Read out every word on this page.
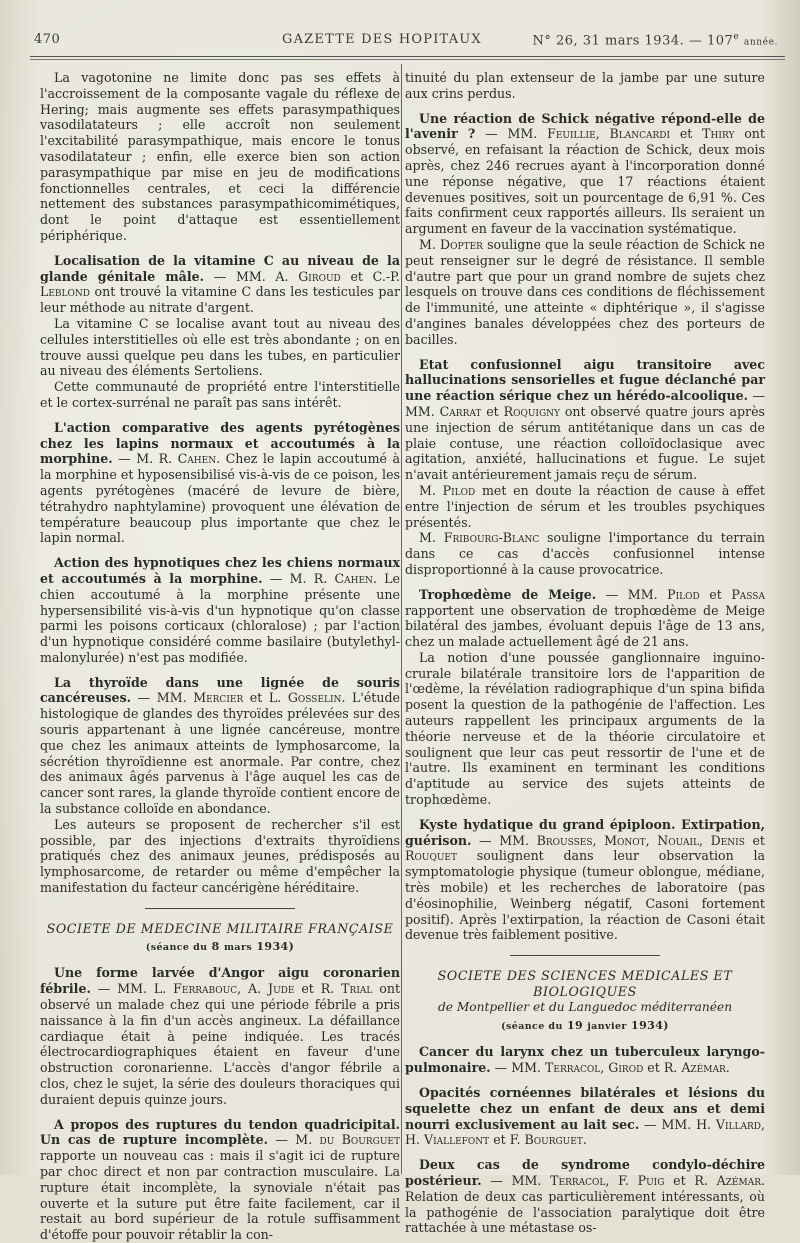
470	GAZETTE DES HOPITAUX	N° 26, 31 mars 1934. — 107e année.

La vagotonine ne limite donc pas ses effets à l'accroissement de la composante vagale du réflexe de Hering; mais augmente ses effets parasympathiques vasodilatateurs ; elle accroît non seulement l'excitabilité parasympathique, mais encore le tonus vasodilatateur ; enfin, elle exerce bien son action parasympathique par mise en jeu de modifications fonctionnelles centrales, et ceci la différencie nettement des substances parasympathicomimétiques, dont le point d'attaque est essentiellement périphérique.

Localisation de la vitamine C au niveau de la glande génitale mâle. — MM. A. Giroud et C.-P. Leblond ont trouvé la vitamine C dans les testicules par leur méthode au nitrate d'argent.

La vitamine C se localise avant tout au niveau des cellules interstitielles où elle est très abondante ; on en trouve aussi quelque peu dans les tubes, en particulier au niveau des éléments Sertoliens.

Cette communauté de propriété entre l'interstitielle et le cortex-surrénal ne paraît pas sans intérêt.

L'action comparative des agents pyrétogènes chez les lapins normaux et accoutumés à la morphine. — M. R. Cahen. Chez le lapin accoutumé à la morphine et hyposensibilisé vis-à-vis de ce poison, les agents pyrétogènes (macéré de levure de bière, tétrahydro naphtylamine) provoquent une élévation de température beaucoup plus importante que chez le lapin normal.

Action des hypnotiques chez les chiens normaux et accoutumés à la morphine. — M. R. Cahen. Le chien accoutumé à la morphine présente une hypersensibilité vis-à-vis d'un hypnotique qu'on classe parmi les poisons corticaux (chloralose) ; par l'action d'un hypnotique considéré comme basilaire (butylethyl-malonylurée) n'est pas modifiée.

La thyroïde dans une lignée de souris cancéreuses. — MM. Mercier et L. Gosselin. L'étude histologique de glandes des thyroïdes prélevées sur des souris appartenant à une lignée cancéreuse, montre que chez les animaux atteints de lymphosarcome, la sécrétion thyroïdienne est anormale. Par contre, chez des animaux âgés parvenus à l'âge auquel les cas de cancer sont rares, la glande thyroïde contient encore de la substance colloïde en abondance.

Les auteurs se proposent de rechercher s'il est possible, par des injections d'extraits thyroïdiens pratiqués chez des animaux jeunes, prédisposés au lymphosarcome, de retarder ou même d'empêcher la manifestation du facteur cancérigène héréditaire.

SOCIETE DE MEDECINE MILITAIRE FRANÇAISE

(séance du 8 mars 1934)

Une forme larvée d'Angor aigu coronarien fébrile. — MM. L. Ferrabouc, A. Jude et R. Trial ont observé un malade chez qui une période fébrile a pris naissance à la fin d'un accès angineux. La défaillance cardiaque était à peine indiquée. Les tracés électrocardiographiques étaient en faveur d'une obstruction coronarienne. L'accès d'angor fébrile a clos, chez le sujet, la série des douleurs thoraciques qui duraient depuis quinze jours.

A propos des ruptures du tendon quadricipital. Un cas de rupture incomplète. — M. du Bourguet rapporte un nouveau cas : mais il s'agit ici de rupture par choc direct et non par contraction musculaire. La rupture était incomplète, la synoviale n'était pas ouverte et la suture put être faite facilement, car il restait au bord supérieur de la rotule suffisamment d'étoffe pour pouvoir rétablir la con-

tinuité du plan extenseur de la jambe par une suture aux crins perdus.

Une réaction de Schick négative répond-elle de l'avenir ? — MM. Feuillie, Blancardi et Thiry ont observé, en refaisant la réaction de Schick, deux mois après, chez 246 recrues ayant à l'incorporation donné une réponse négative, que 17 réactions étaient devenues positives, soit un pourcentage de 6,91 %. Ces faits confirment ceux rapportés ailleurs. Ils seraient un argument en faveur de la vaccination systématique.

M. Dopter souligne que la seule réaction de Schick ne peut renseigner sur le degré de résistance. Il semble d'autre part que pour un grand nombre de sujets chez lesquels on trouve dans ces conditions de fléchissement de l'immunité, une atteinte « diphtérique », il s'agisse d'angines banales développées chez des porteurs de bacilles.

Etat confusionnel aigu transitoire avec hallucinations sensorielles et fugue déclanché par une réaction sérique chez un hérédo-alcoolique. — MM. Carrat et Roquigny ont observé quatre jours après une injection de sérum antitétanique dans un cas de plaie contuse, une réaction colloïdoclasique avec agitation, anxiété, hallucinations et fugue. Le sujet n'avait antérieurement jamais reçu de sérum.

M. Pilod met en doute la réaction de cause à effet entre l'injection de sérum et les troubles psychiques présentés.

M. Fribourg-Blanc souligne l'importance du terrain dans ce cas d'accès confusionnel intense disproportionné à la cause provocatrice.

Trophœdème de Meige. — MM. Pilod et Passa rapportent une observation de trophœdème de Meige bilatéral des jambes, évoluant depuis l'âge de 13 ans, chez un malade actuellement âgé de 21 ans.

La notion d'une poussée ganglionnaire inguino-crurale bilatérale transitoire lors de l'apparition de l'œdème, la révélation radiographique d'un spina bifida posent la question de la pathogénie de l'affection. Les auteurs rappellent les principaux arguments de la théorie nerveuse et de la théorie circulatoire et soulignent que leur cas peut ressortir de l'une et de l'autre. Ils examinent en terminant les conditions d'aptitude au service des sujets atteints de trophœdème.

Kyste hydatique du grand épiploon. Extirpation, guérison. — MM. Brousses, Monot, Nouail, Denis et Rouquet soulignent dans leur observation la symptomatologie physique (tumeur oblongue, médiane, très mobile) et les recherches de laboratoire (pas d'éosinophilie, Weinberg négatif, Casoni fortement positif). Après l'extirpation, la réaction de Casoni était devenue très faiblement positive.

SOCIETE DES SCIENCES MEDICALES ET BIOLOGIQUES

de Montpellier et du Languedoc méditerranéen

(séance du 19 janvier 1934)

Cancer du larynx chez un tuberculeux laryngo-pulmonaire. — MM. Terracol, Girod et R. Azémar.

Opacités cornéennes bilatérales et lésions du squelette chez un enfant de deux ans et demi nourri exclusivement au lait sec. — MM. H. Villard, H. Viallefont et F. Bourguet.

Deux cas de syndrome condylo-déchire postérieur. — MM. Terracol, F. Puig et R. Azémar. Relation de deux cas particulièrement intéressants, où la pathogénie de l'association paralytique doit être rattachée à une métastase os-
